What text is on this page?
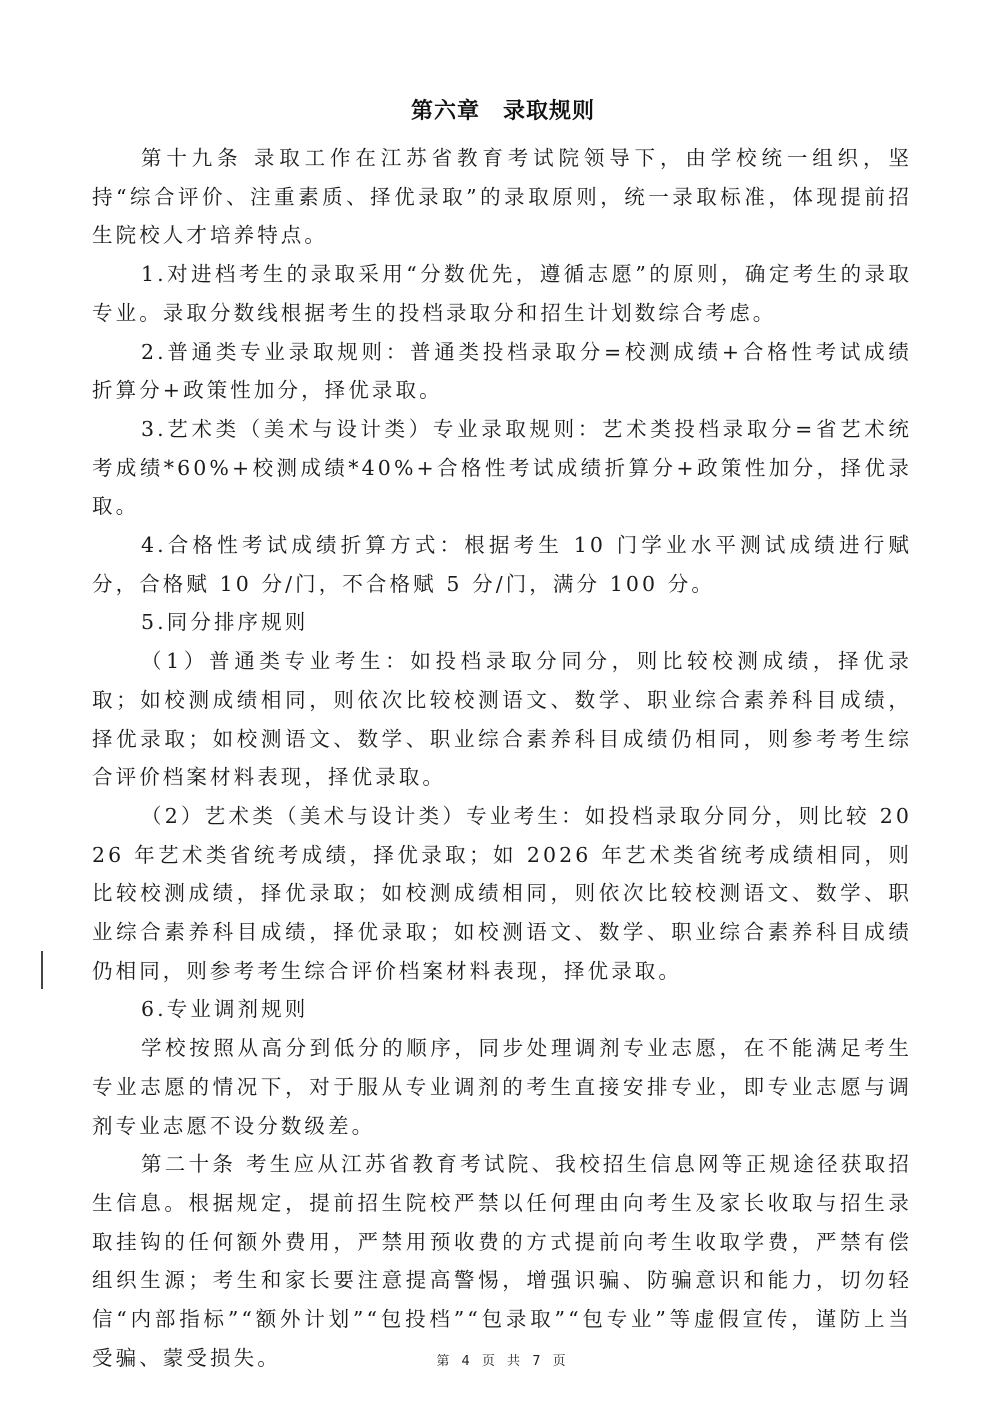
第六章　录取规则

第十九条 录取工作在江苏省教育考试院领导下，由学校统一组织，坚持“综合评价、注重素质、择优录取”的录取原则，统一录取标准，体现提前招生院校人才培养特点。

1.对进档考生的录取采用“分数优先，遵循志愿”的原则，确定考生的录取专业。录取分数线根据考生的投档录取分和招生计划数综合考虑。

2.普通类专业录取规则：普通类投档录取分=校测成绩+合格性考试成绩折算分+政策性加分，择优录取。

3.艺术类（美术与设计类）专业录取规则：艺术类投档录取分=省艺术统考成绩*60%+校测成绩*40%+合格性考试成绩折算分+政策性加分，择优录取。

4.合格性考试成绩折算方式：根据考生 10 门学业水平测试成绩进行赋分，合格赋 10 分/门，不合格赋 5 分/门，满分 100 分。

5.同分排序规则

（1）普通类专业考生：如投档录取分同分，则比较校测成绩，择优录取；如校测成绩相同，则依次比较校测语文、数学、职业综合素养科目成绩，择优录取；如校测语文、数学、职业综合素养科目成绩仍相同，则参考考生综合评价档案材料表现，择优录取。

（2）艺术类（美术与设计类）专业考生：如投档录取分同分，则比较 2026 年艺术类省统考成绩，择优录取；如 2026 年艺术类省统考成绩相同，则比较校测成绩，择优录取；如校测成绩相同，则依次比较校测语文、数学、职业综合素养科目成绩，择优录取；如校测语文、数学、职业综合素养科目成绩仍相同，则参考考生综合评价档案材料表现，择优录取。

6.专业调剂规则

学校按照从高分到低分的顺序，同步处理调剂专业志愿，在不能满足考生专业志愿的情况下，对于服从专业调剂的考生直接安排专业，即专业志愿与调剂专业志愿不设分数级差。

第二十条 考生应从江苏省教育考试院、我校招生信息网等正规途径获取招生信息。根据规定，提前招生院校严禁以任何理由向考生及家长收取与招生录取挂钩的任何额外费用，严禁用预收费的方式提前向考生收取学费，严禁有偿组织生源；考生和家长要注意提高警惕，增强识骗、防骗意识和能力，切勿轻信“内部指标”“额外计划”“包投档”“包录取”“包专业”等虚假宣传，谨防上当受骗、蒙受损失。	第 4 页 共 7 页
